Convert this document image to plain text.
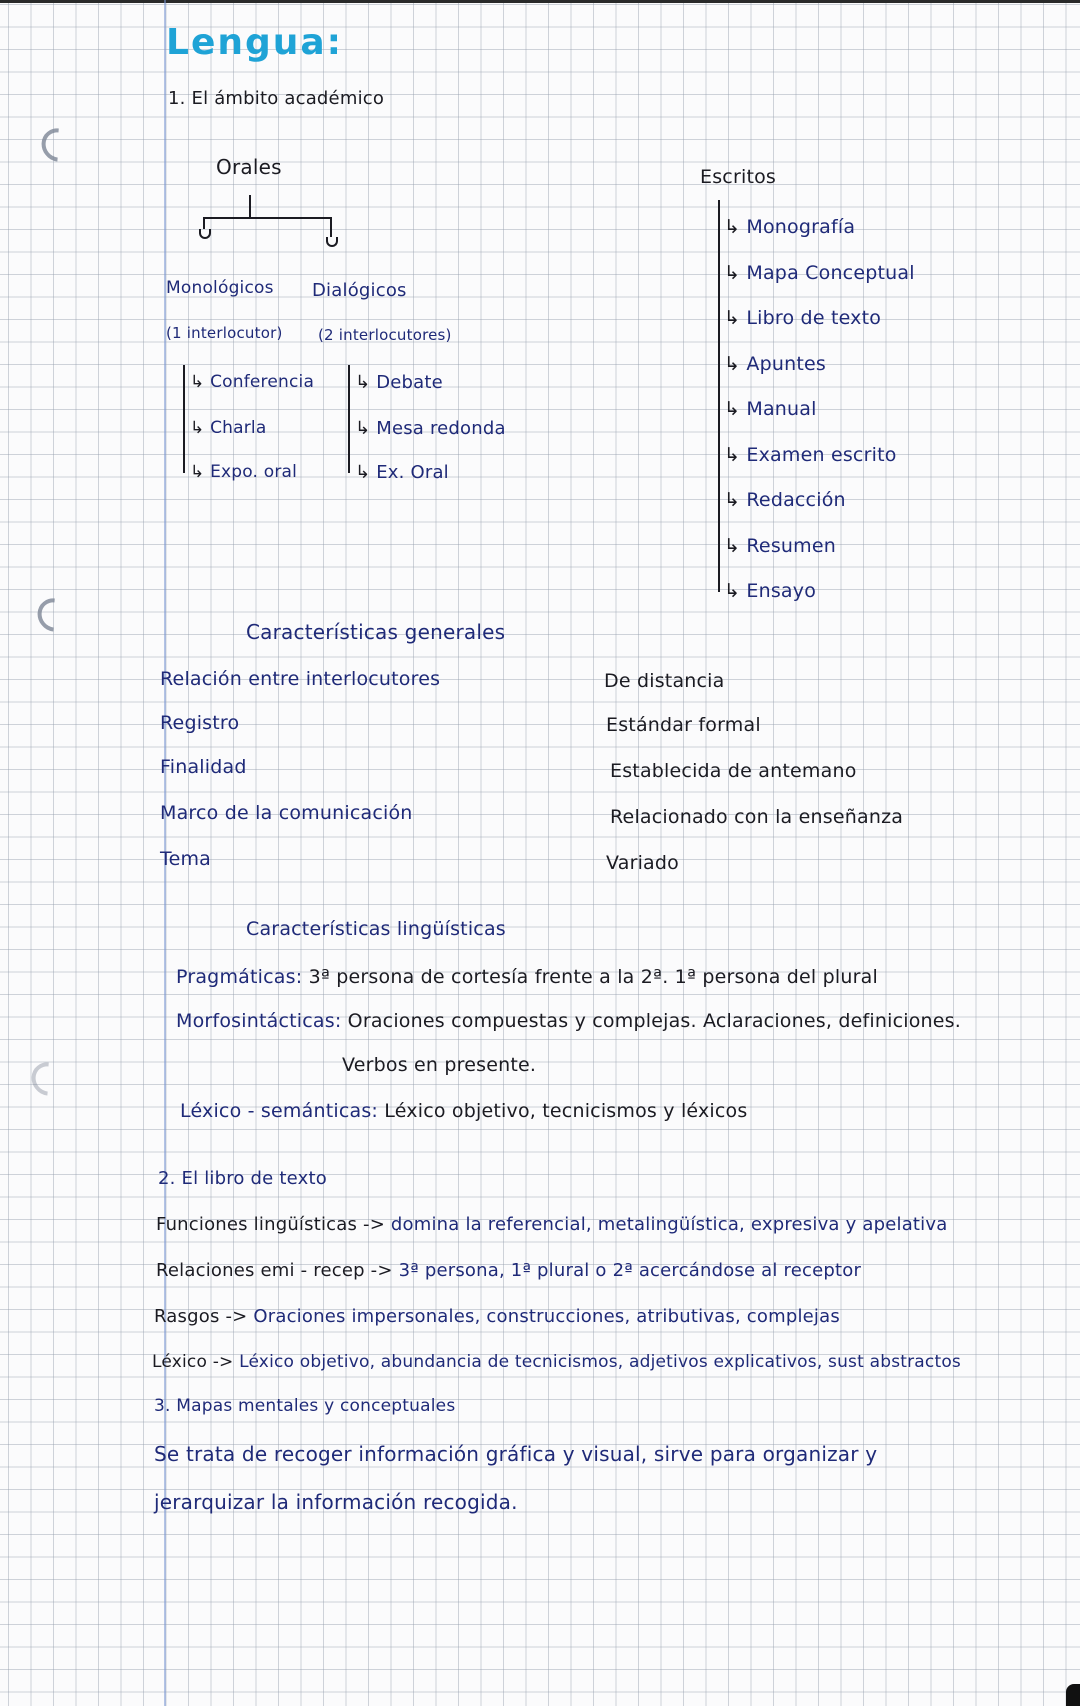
Lengua:
1. El ámbito académico
Orales
Monológicos Dialógicos
(1 interlocutor) (2 interlocutores)
↳ Conferencia
↳ Charla
↳ Expo. oral
↳ Debate
↳ Mesa redonda
↳ Ex. Oral
Escritos
↳ Monografía
↳ Mapa Conceptual
↳ Libro de texto
↳ Apuntes
↳ Manual
↳ Examen escrito
↳ Redacción
↳ Resumen
↳ Ensayo
Características generales
Relación entre interlocutores	De distancia
Registro	Estándar formal
Finalidad	Establecida de antemano
Marco de la comunicación	Relacionado con la enseñanza
Tema	Variado
Características lingüísticas
Pragmáticas: 3ª persona de cortesía frente a la 2ª. 1ª persona del plural
Morfosintácticas: Oraciones compuestas y complejas. Aclaraciones, definiciones.
Verbos en presente.
Léxico - semánticas: Léxico objetivo, tecnicismos y léxicos
2. El libro de texto
Funciones lingüísticas -> domina la referencial, metalingüística, expresiva y apelativa
Relaciones emi - recep -> 3ª persona, 1ª plural o 2ª acercándose al receptor
Rasgos -> Oraciones impersonales, construcciones, atributivas, complejas
Léxico -> Léxico objetivo, abundancia de tecnicismos, adjetivos explicativos, sust abstractos
3. Mapas mentales y conceptuales
Se trata de recoger información gráfica y visual, sirve para organizar y
jerarquizar la información recogida.
